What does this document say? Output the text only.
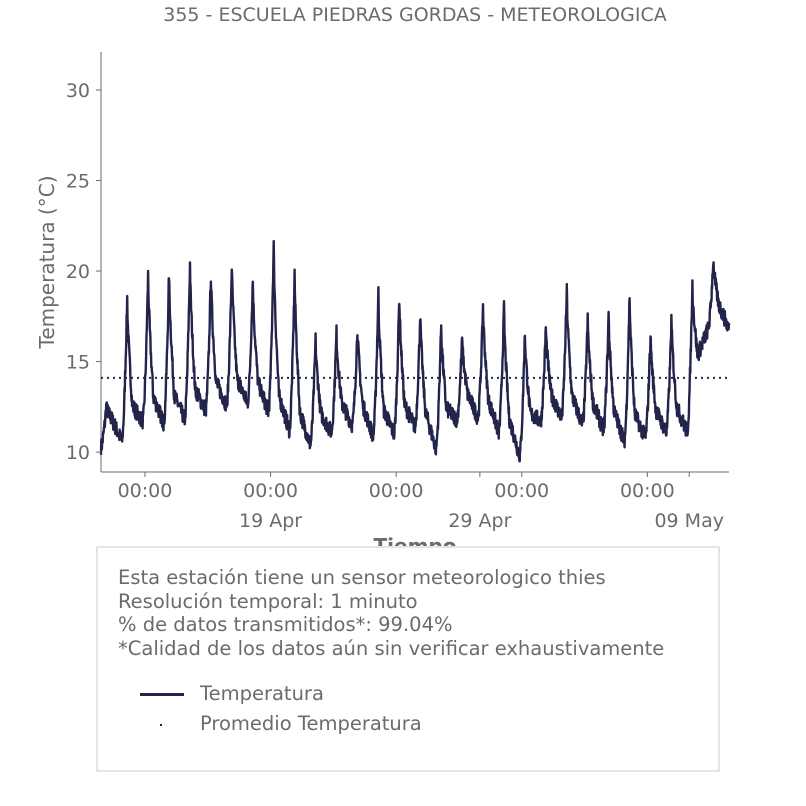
355 - ESCUELA PIEDRAS GORDAS - METEOROLOGICA
10
15
20
25
30
00:00	00:00
19 Apr
00:00
29 Apr
00:00	00:00
09 May
Temperatura (°C)
Esta estación tiene un sensor meteorologico thies
Resolución temporal: 1 minuto
% de datos transmitidos*: 99.04%
*Calidad de los datos aún sin verificar exhaustivamente
Temperatura
Promedio Temperatura
